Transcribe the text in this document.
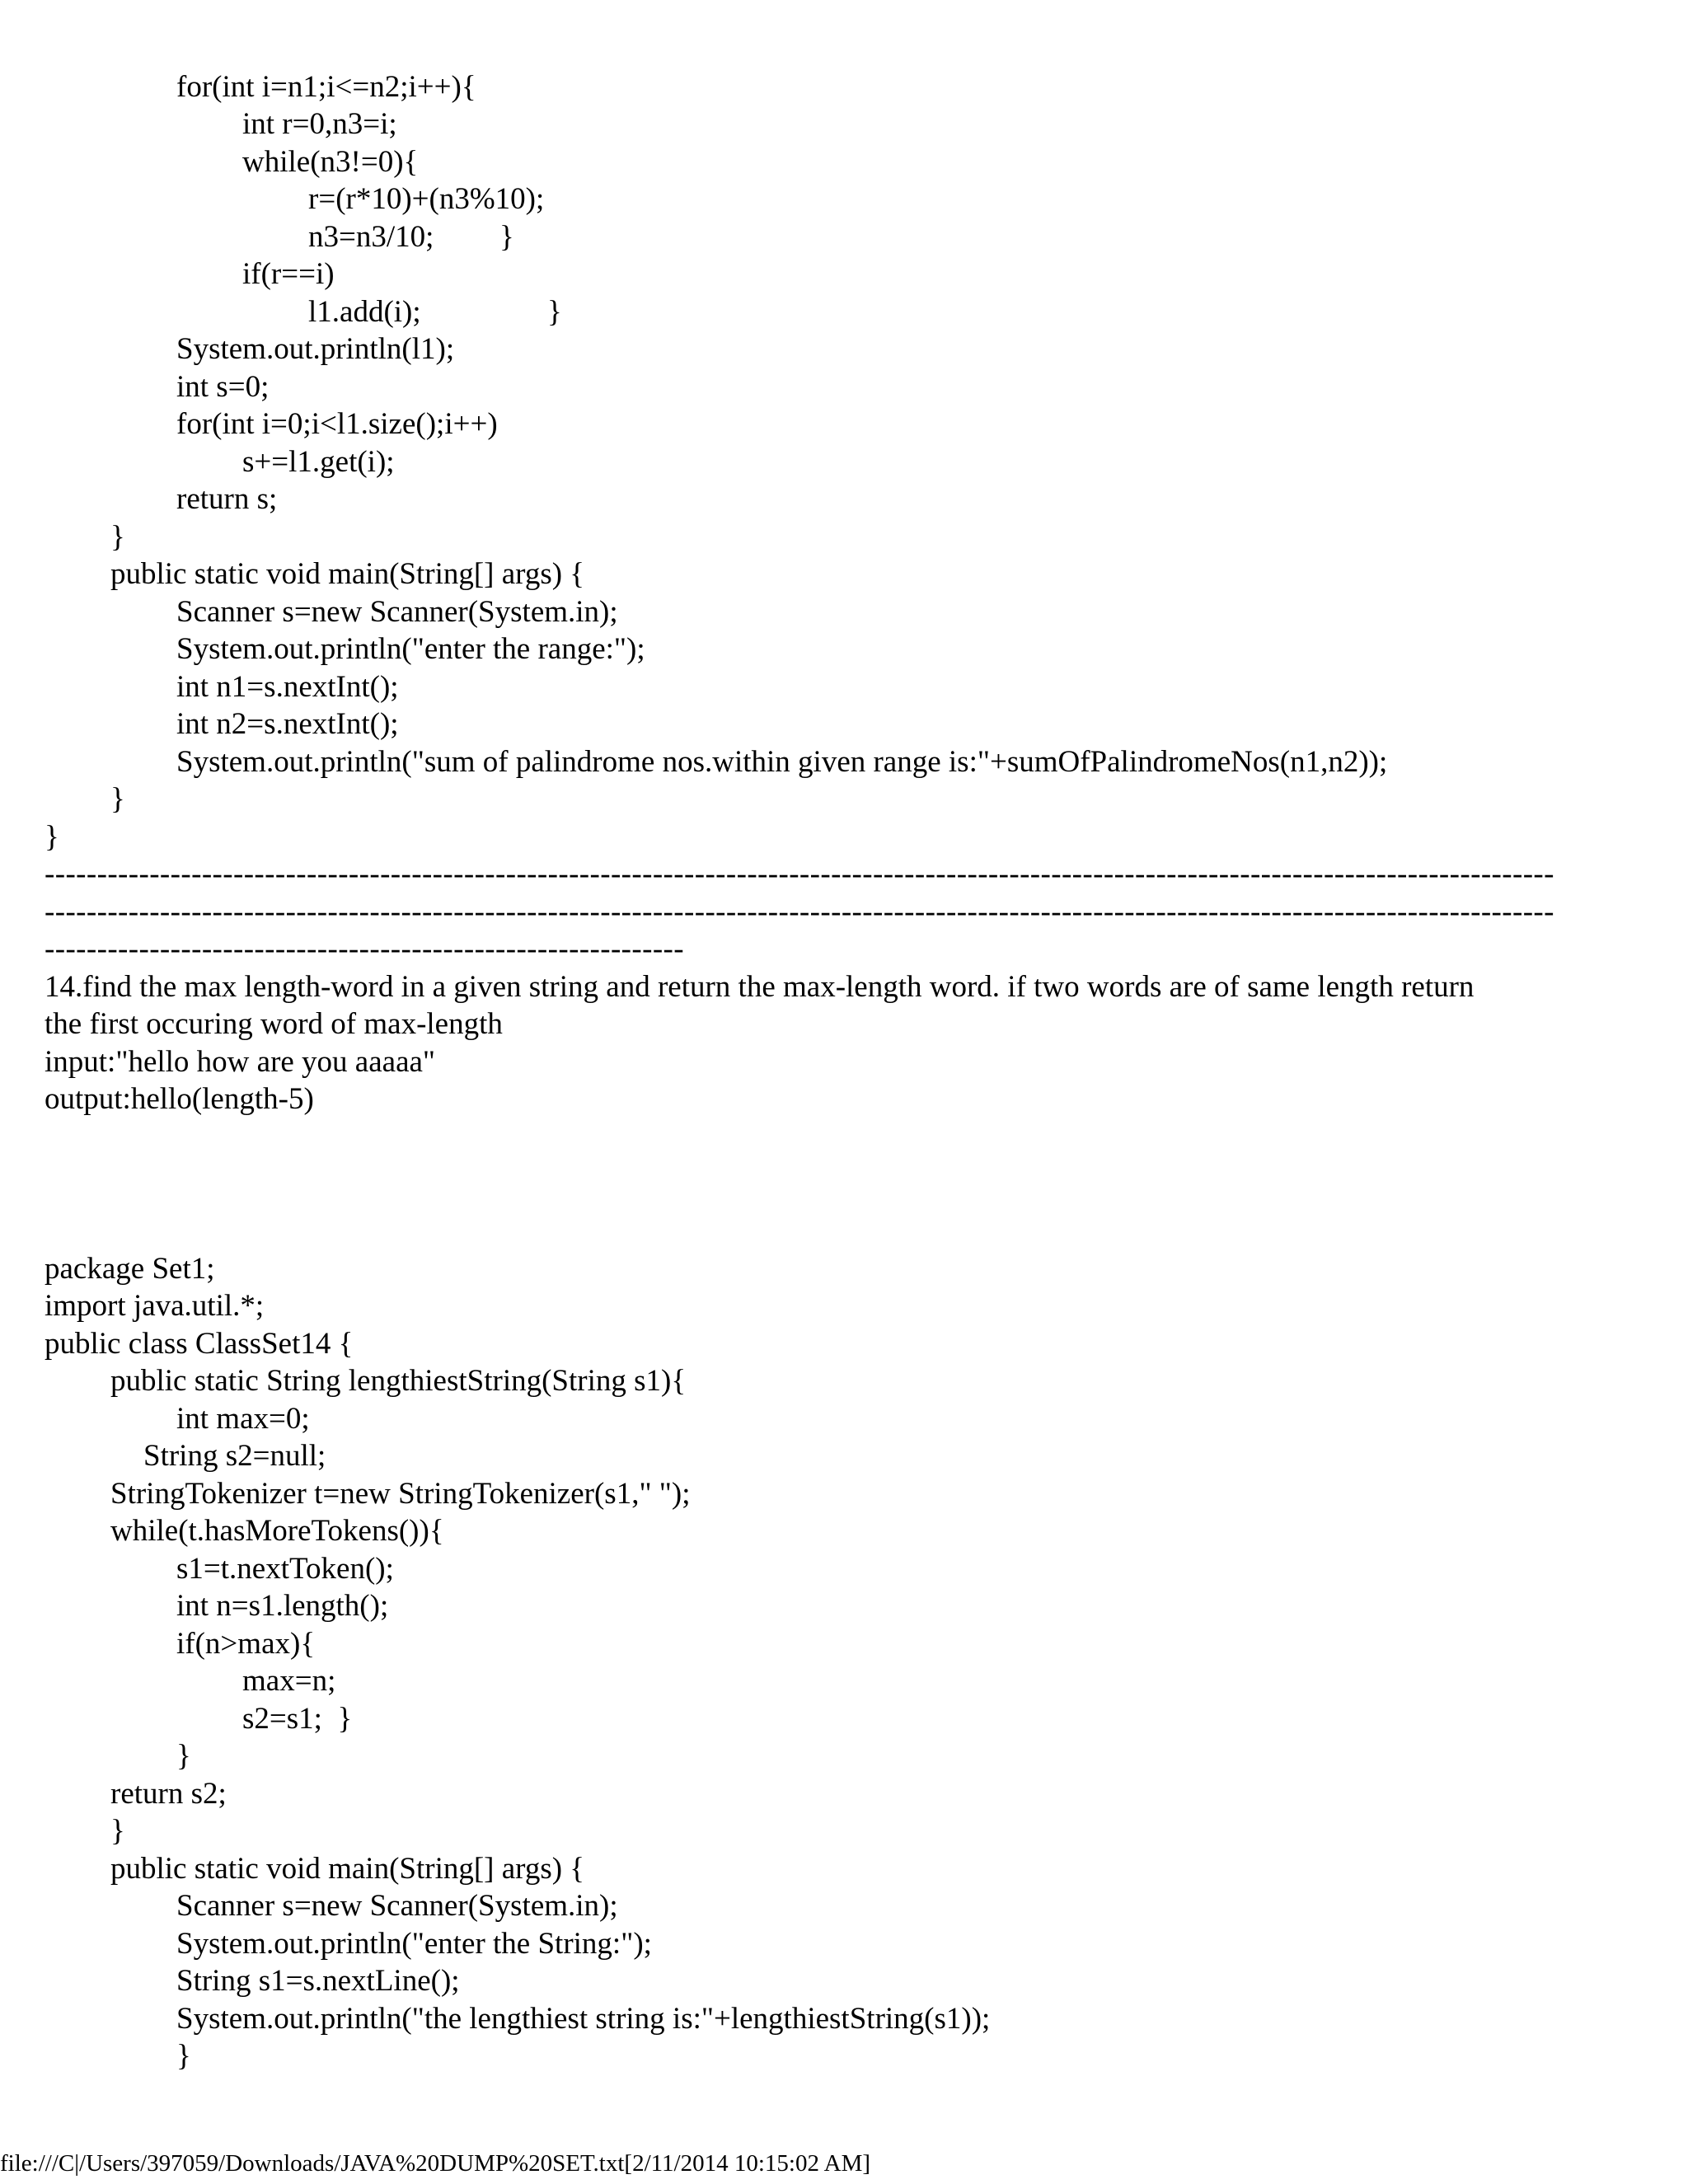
for(int i=n1;i<=n2;i++){
int r=0,n3=i;
while(n3!=0){
r=(r*10)+(n3%10);
n3=n3/10; }
if(r==i)
l1.add(i);	}
System.out.println(l1);
int s=0;
for(int i=0;i<l1.size();i++)
s+=l1.get(i);
return s;
}
public static void main(String[] args) {
Scanner s=new Scanner(System.in);
System.out.println("enter the range:");
int n1=s.nextInt();
int n2=s.nextInt();
System.out.println("sum of palindrome nos.within given range is:"+sumOfPalindromeNos(n1,n2));
}
}
------------------------------------------------------------------------------------------------------------------------------------------------
------------------------------------------------------------------------------------------------------------------------------------------------
-------------------------------------------------------------
14.find the max length-word in a given string and return the max-length word. if two words are of same length return
the first occuring word of max-length
input:"hello how are you aaaaa"
output:hello(length-5)
package Set1;
import java.util.*;
public class ClassSet14 {
public static String lengthiestString(String s1){
int max=0;
String s2=null;
StringTokenizer t=new StringTokenizer(s1," ");
while(t.hasMoreTokens()){
s1=t.nextToken();
int n=s1.length();
if(n>max){
max=n;
s2=s1;  }
}
return s2;
}
public static void main(String[] args) {
Scanner s=new Scanner(System.in);
System.out.println("enter the String:");
String s1=s.nextLine();
System.out.println("the lengthiest string is:"+lengthiestString(s1));
}
file:///C|/Users/397059/Downloads/JAVA%20DUMP%20SET.txt[2/11/2014 10:15:02 AM]
